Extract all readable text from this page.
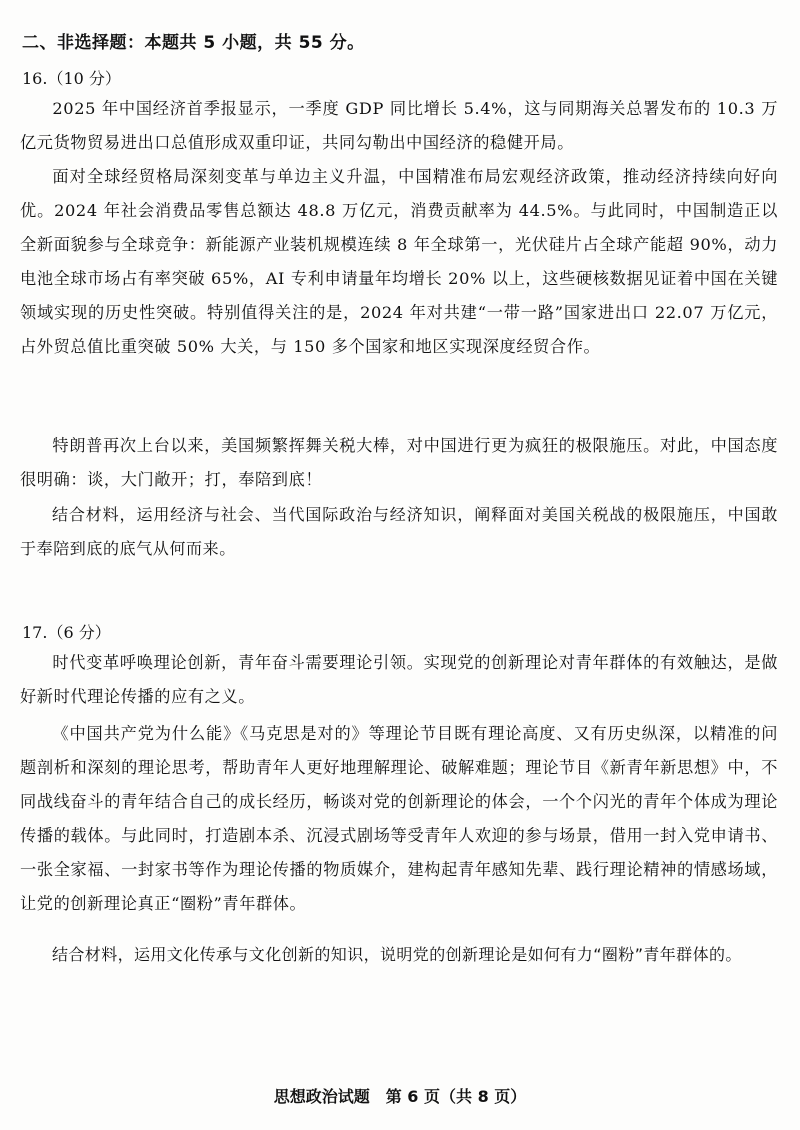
二、非选择题：本题共 5 小题，共 55 分。

16.（10 分）

2025 年中国经济首季报显示，一季度 GDP 同比增长 5.4%，这与同期海关总署发布的 10.3 万亿元货物贸易进出口总值形成双重印证，共同勾勒出中国经济的稳健开局。

面对全球经贸格局深刻变革与单边主义升温，中国精准布局宏观经济政策，推动经济持续向好向优。2024 年社会消费品零售总额达 48.8 万亿元，消费贡献率为 44.5%。与此同时，中国制造正以全新面貌参与全球竞争：新能源产业装机规模连续 8 年全球第一，光伏硅片占全球产能超 90%，动力电池全球市场占有率突破 65%，AI 专利申请量年均增长 20% 以上，这些硬核数据见证着中国在关键领域实现的历史性突破。特别值得关注的是，2024 年对共建“一带一路”国家进出口 22.07 万亿元，占外贸总值比重突破 50% 大关，与 150 多个国家和地区实现深度经贸合作。

特朗普再次上台以来，美国频繁挥舞关税大棒，对中国进行更为疯狂的极限施压。对此，中国态度很明确：谈，大门敞开；打，奉陪到底！

结合材料，运用经济与社会、当代国际政治与经济知识，阐释面对美国关税战的极限施压，中国敢于奉陪到底的底气从何而来。

17.（6 分）

时代变革呼唤理论创新，青年奋斗需要理论引领。实现党的创新理论对青年群体的有效触达，是做好新时代理论传播的应有之义。

《中国共产党为什么能》《马克思是对的》等理论节目既有理论高度、又有历史纵深，以精准的问题剖析和深刻的理论思考，帮助青年人更好地理解理论、破解难题；理论节目《新青年新思想》中，不同战线奋斗的青年结合自己的成长经历，畅谈对党的创新理论的体会，一个个闪光的青年个体成为理论传播的载体。与此同时，打造剧本杀、沉浸式剧场等受青年人欢迎的参与场景，借用一封入党申请书、一张全家福、一封家书等作为理论传播的物质媒介，建构起青年感知先辈、践行理论精神的情感场域，让党的创新理论真正“圈粉”青年群体。

结合材料，运用文化传承与文化创新的知识，说明党的创新理论是如何有力“圈粉”青年群体的。

思想政治试题　第 6 页（共 8 页）
